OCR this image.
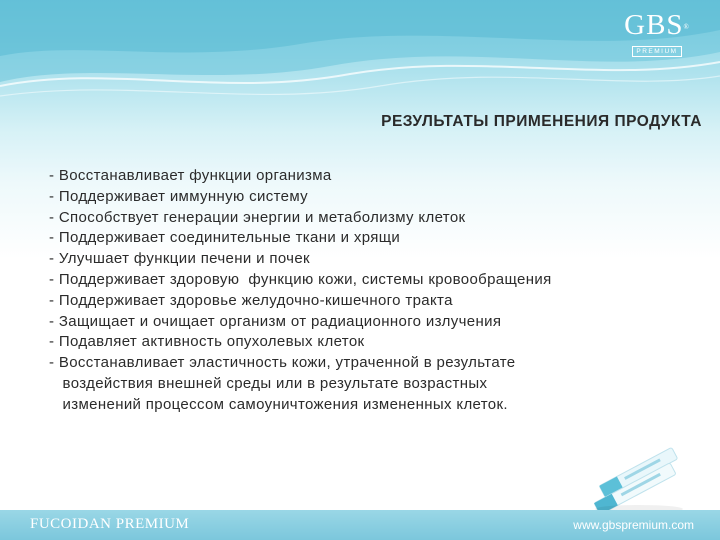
GBS®
PREMIUM
РЕЗУЛЬТАТЫ ПРИМЕНЕНИЯ ПРОДУКТА
- Восстанавливает функции организма
- Поддерживает иммунную систему
- Способствует генерации энергии и метаболизму клеток
- Поддерживает соединительные ткани и хрящи
- Улучшает функции печени и почек
- Поддерживает здоровую  функцию кожи, системы кровообращения
- Поддерживает здоровье желудочно-кишечного тракта
- Защищает и очищает организм от радиационного излучения
- Подавляет активность опухолевых клеток
- Восстанавливает эластичность кожи, утраченной в результате
воздействия внешней среды или в результате возрастных
изменений процессом самоуничтожения измененных клеток.
FUCOIDAN PREMIUM	www.gbspremium.com
